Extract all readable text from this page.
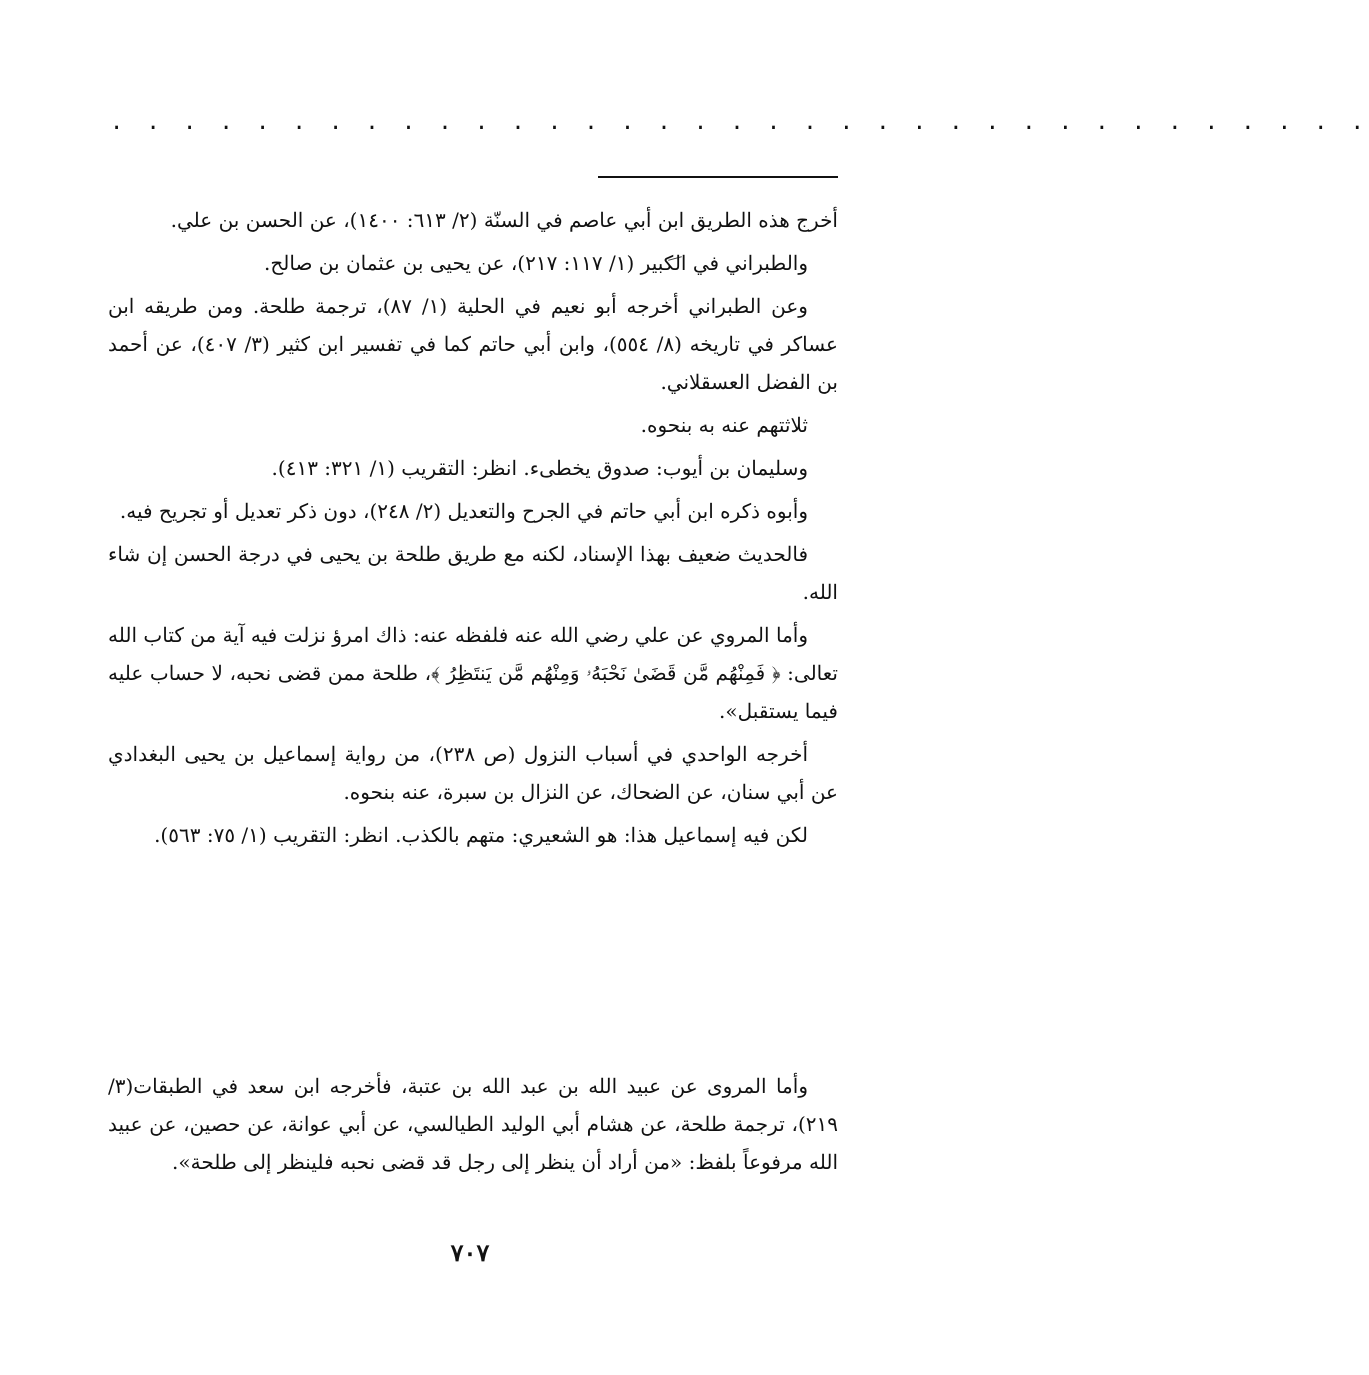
. . . . . . . . . . . . . . . . . . . . . . . . . . . . . . . . . . .

أخرج هذه الطريق ابن أبي عاصم في السنّة (٢/ ٦١٣: ١٤٠٠)، عن الحسن بن علي.

والطبراني في الكبير (١/ ١١٧: ٢١٧)، عن يحيى بن عثمان بن صالح.

وعن الطبراني أخرجه أبو نعيم في الحلية (١/ ٨٧)، ترجمة طلحة. ومن طريقه ابن عساكر في تاريخه (٨/ ٥٥٤)، وابن أبي حاتم كما في تفسير ابن كثير (٣/ ٤٠٧)، عن أحمد بن الفضل العسقلاني.

ثلاثتهم عنه به بنحوه.

وسليمان بن أيوب: صدوق يخطىء. انظر: التقريب (١/ ٣٢١: ٤١٣).

وأبوه ذكره ابن أبي حاتم في الجرح والتعديل (٢/ ٢٤٨)، دون ذكر تعديل أو تجريح فيه.

فالحديث ضعيف بهذا الإسناد، لكنه مع طريق طلحة بن يحيى في درجة الحسن إن شاء الله.

وأما المروي عن علي رضي الله عنه فلفظه عنه: ذاك امرؤ نزلت فيه آية من كتاب الله تعالى: ﴿ فَمِنْهُم مَّن قَضَىٰ نَحْبَهُۥ وَمِنْهُم مَّن يَنتَظِرُ ﴾، طلحة ممن قضى نحبه، لا حساب عليه فيما يستقبل».

أخرجه الواحدي في أسباب النزول (ص ٢٣٨)، من رواية إسماعيل بن يحيى البغدادي عن أبي سنان، عن الضحاك، عن النزال بن سبرة، عنه بنحوه.

لكن فيه إسماعيل هذا: هو الشعيري: متهم بالكذب. انظر: التقريب (١/ ٧٥: ٥٦٣).

وأما المروى عن عبيد الله بن عبد الله بن عتبة، فأخرجه ابن سعد في الطبقات(٣/ ٢١٩)، ترجمة طلحة، عن هشام أبي الوليد الطيالسي، عن أبي عوانة، عن حصين، عن عبيد الله مرفوعاً بلفظ: «من أراد أن ينظر إلى رجل قد قضى نحبه فلينظر إلى طلحة».

٧٠٧
